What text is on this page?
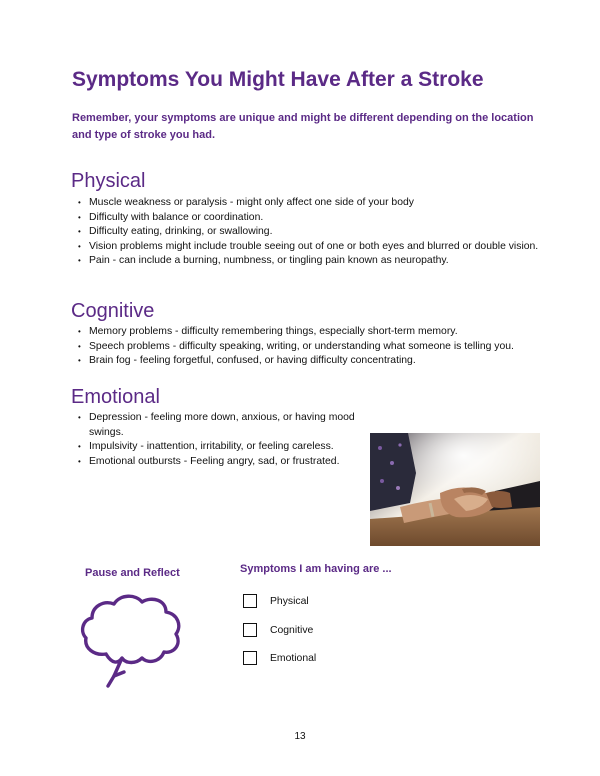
Symptoms You Might Have After a Stroke

Remember, your symptoms are unique and might be different depending on the location and type of stroke you had.

Physical
• Muscle weakness or paralysis - might only affect one side of your body
• Difficulty with balance or coordination.
• Difficulty eating, drinking, or swallowing.
• Vision problems might include trouble seeing out of one or both eyes and blurred or double vision.
• Pain - can include a burning, numbness, or tingling pain known as neuropathy.
Cognitive
• Memory problems - difficulty remembering things, especially short-term memory.
• Speech problems - difficulty speaking, writing, or understanding what someone is telling you.
• Brain fog - feeling forgetful, confused, or having difficulty concentrating.
Emotional
• Depression - feeling more down, anxious, or having mood swings.
• Impulsivity - inattention, irritability, or feeling careless.
• Emotional outbursts - Feeling angry, sad, or frustrated.

Pause and Reflect	Symptoms I am having are ...

Physical
Cognitive
Emotional
13
